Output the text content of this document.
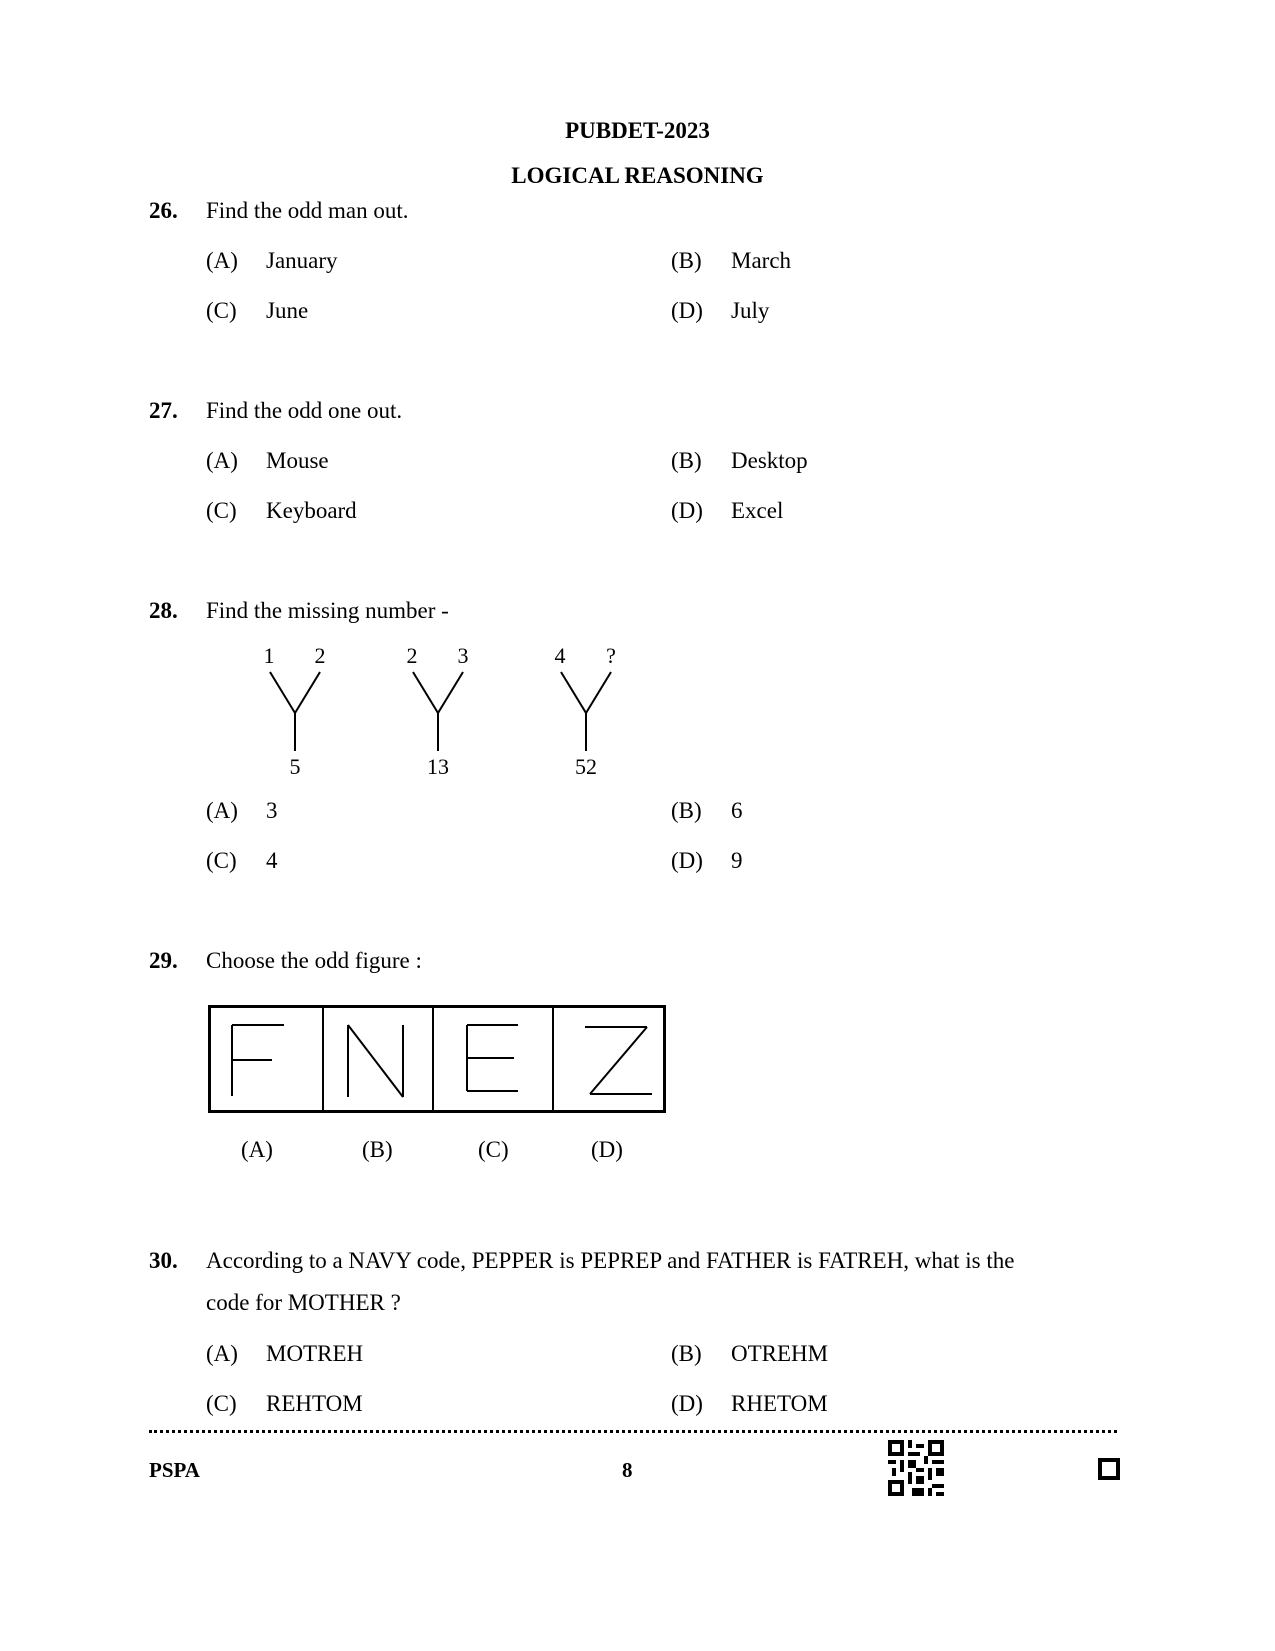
PUBDET-2023
LOGICAL REASONING
26. Find the odd man out.
(A) January	(B) March
(C) June	(D) July
27. Find the odd one out.
(A) Mouse	(B) Desktop
(C) Keyboard	(D) Excel
28. Find the missing number -
1	2
5
2	3
13
4	?
52
(A) 3	(B) 6
(C) 4	(D) 9
29. Choose the odd figure :
(A)	(B)	(C)	(D)
30. According to a NAVY code, PEPPER is PEPREP and FATHER is FATREH, what is the
code for MOTHER ?
(A) MOTREH	(B) OTREHM
(C) REHTOM	(D) RHETOM
PSPA	8
